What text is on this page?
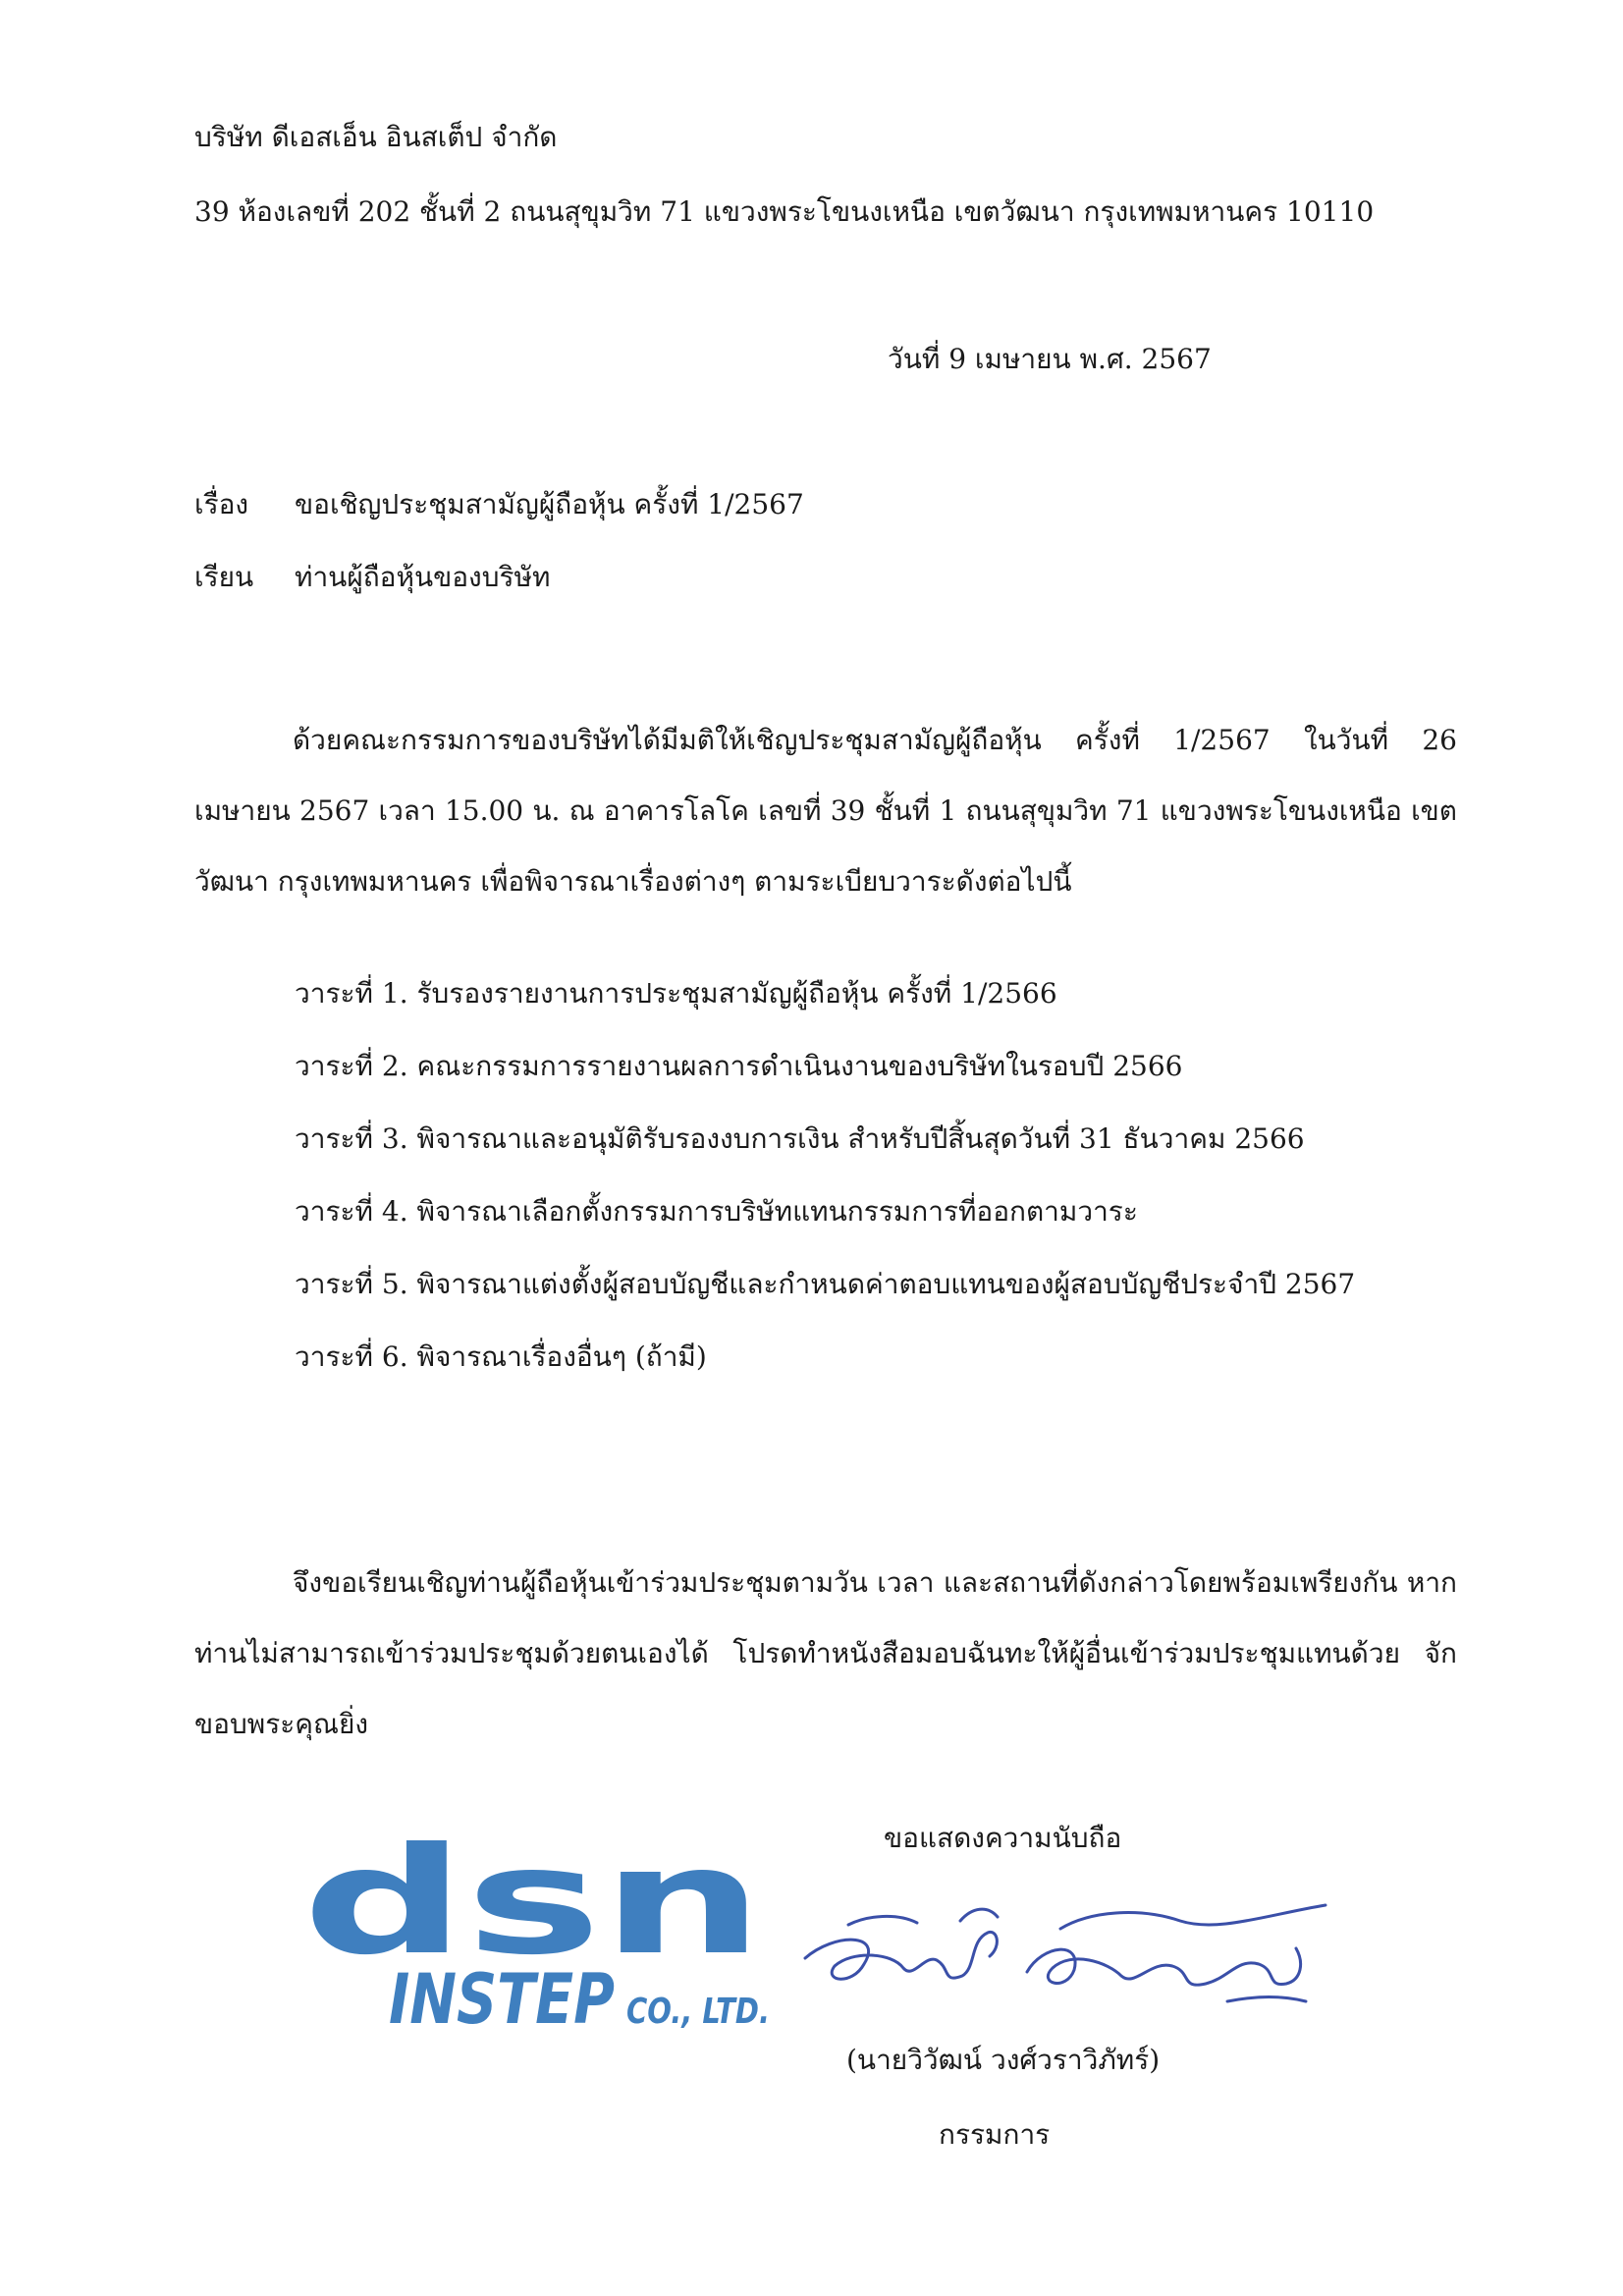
บริษัท ดีเอสเอ็น อินสเต็ป จำกัด
39 ห้องเลขที่ 202 ชั้นที่ 2 ถนนสุขุมวิท 71 แขวงพระโขนงเหนือ เขตวัฒนา กรุงเทพมหานคร 10110
วันที่ 9 เมษายน พ.ศ. 2567
เรื่อง ขอเชิญประชุมสามัญผู้ถือหุ้น ครั้งที่ 1/2567
เรียน ท่านผู้ถือหุ้นของบริษัท
ด้วยคณะกรรมการของบริษัทได้มีมติให้เชิญประชุมสามัญผู้ถือหุ้น ครั้งที่ 1/2567 ในวันที่ 26 เมษายน 2567 เวลา 15.00 น. ณ อาคารโลโค เลขที่ 39 ชั้นที่ 1 ถนนสุขุมวิท 71 แขวงพระโขนงเหนือ เขตวัฒนา กรุงเทพมหานคร เพื่อพิจารณาเรื่องต่างๆ ตามระเบียบวาระดังต่อไปนี้
วาระที่ 1. รับรองรายงานการประชุมสามัญผู้ถือหุ้น ครั้งที่ 1/2566
วาระที่ 2. คณะกรรมการรายงานผลการดำเนินงานของบริษัทในรอบปี 2566
วาระที่ 3. พิจารณาและอนุมัติรับรองงบการเงิน สำหรับปีสิ้นสุดวันที่ 31 ธันวาคม 2566
วาระที่ 4. พิจารณาเลือกตั้งกรรมการบริษัทแทนกรรมการที่ออกตามวาระ
วาระที่ 5. พิจารณาแต่งตั้งผู้สอบบัญชีและกำหนดค่าตอบแทนของผู้สอบบัญชีประจำปี 2567
วาระที่ 6. พิจารณาเรื่องอื่นๆ (ถ้ามี)
จึงขอเรียนเชิญท่านผู้ถือหุ้นเข้าร่วมประชุมตามวัน เวลา และสถานที่ดังกล่าวโดยพร้อมเพรียงกัน หากท่านไม่สามารถเข้าร่วมประชุมด้วยตนเองได้ โปรดทำหนังสือมอบฉันทะให้ผู้อื่นเข้าร่วมประชุมแทนด้วย จักขอบพระคุณยิ่ง
ขอแสดงความนับถือ
dsn
INSTEP CO., LTD.
(นายวิวัฒน์ วงศ์วราวิภัทร์)
กรรมการ
